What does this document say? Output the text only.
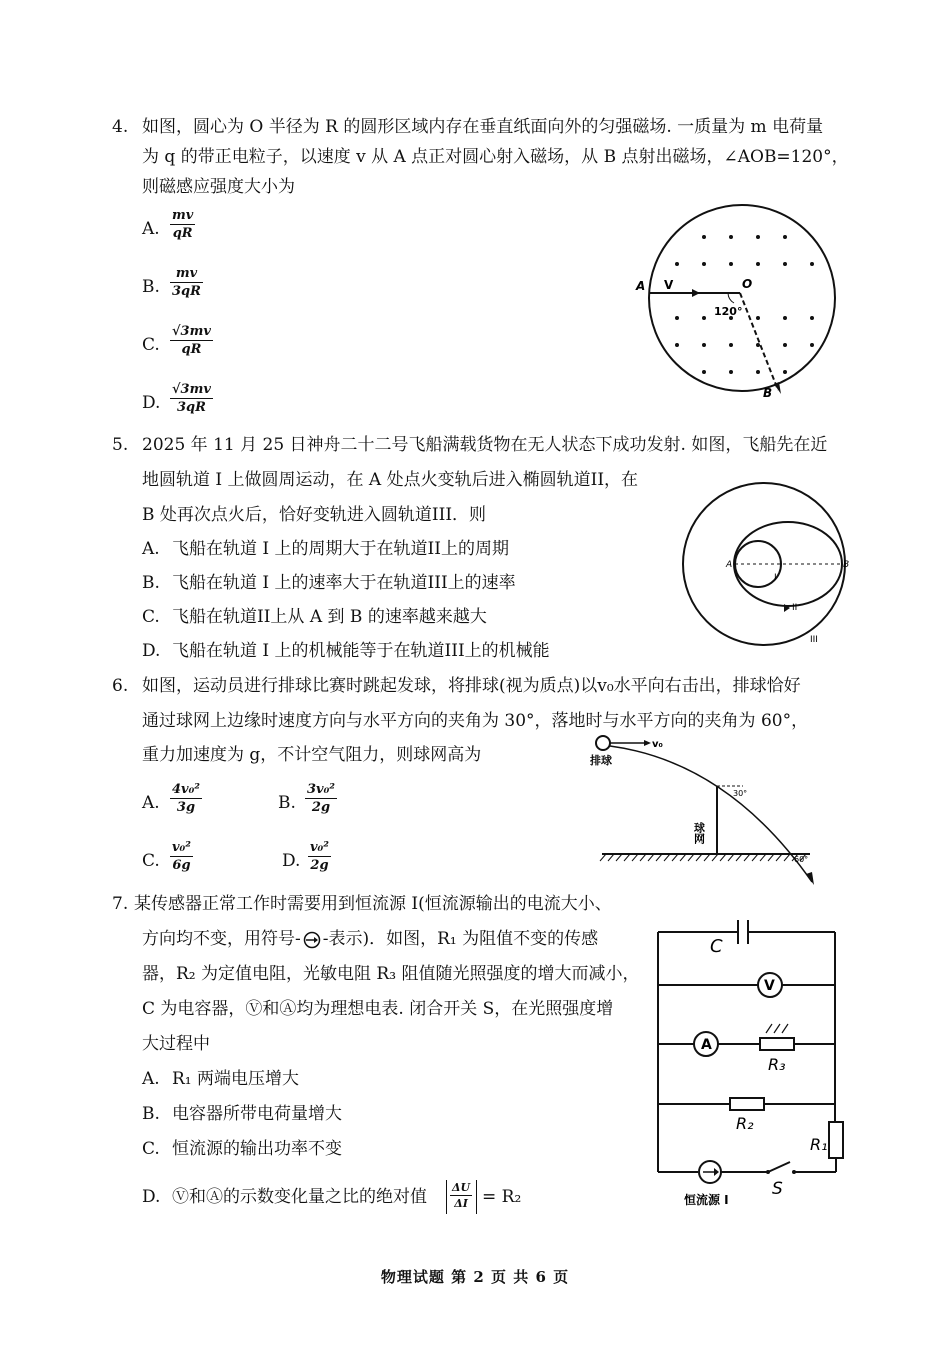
4. 如图，圆心为 O 半径为 R 的圆形区域内存在垂直纸面向外的匀强磁场. 一质量为 m 电荷量
为 q 的带正电粒子，以速度 v 从 A 点正对圆心射入磁场，从 B 点射出磁场，∠AOB=120°，
则磁感应强度大小为
A. $\frac{mv}{qR}$
B. $\frac{mv}{3qR}$
C. $\frac{√3mv}{qR}$
D. $\frac{√3mv}{3qR}$
A V	O
120°
B
5. 2025 年 11 月 25 日神舟二十二号飞船满载货物在无人状态下成功发射. 如图，飞船先在近
地圆轨道 I 上做圆周运动，在 A 处点火变轨后进入椭圆轨道II，在
B 处再次点火后，恰好变轨进入圆轨道III．则
A. 飞船在轨道 I 上的周期大于在轨道II上的周期
B. 飞船在轨道 I 上的速率大于在轨道III上的速率
C. 飞船在轨道II上从 A 到 B 的速率越来越大
D. 飞船在轨道 I 上的机械能等于在轨道III上的机械能
A	B
I
II
III
6. 如图，运动员进行排球比赛时跳起发球，将排球(视为质点)以v₀水平向右击出，排球恰好
通过球网上边缘时速度方向与水平方向的夹角为 30°，落地时与水平方向的夹角为 60°，
重力加速度为 g，不计空气阻力，则球网高为
A. $\frac{\text{4v₀²}}{3g}$	B. $\frac{\text{3v₀²}}{2g}$
C. $\frac{\text{v₀²}}{6g}$	D. $\frac{\text{v₀²}}{2g}$
排球
v₀
球网
30°
60°
7. 某传感器正常工作时需要用到恒流源 I(恒流源输出的电流大小、
方向均不变，用符号- -表示)．如图，R₁ 为阻值不变的传感
器，R₂ 为定值电阻，光敏电阻 R₃ 阻值随光照强度的增大而减小，
C 为电容器，Ⓥ和Ⓐ均为理想电表. 闭合开关 S，在光照强度增
大过程中
A. R₁ 两端电压增大
B. 电容器所带电荷量增大
C. 恒流源的输出功率不变
D. Ⓥ和Ⓐ的示数变化量之比的绝对值 $\frac{\Delta U}{\Delta I} = R_2$
C
V
A
R₃
R₂
R₁
恒流源 I
S
物理试题 第 2 页 共 6 页
